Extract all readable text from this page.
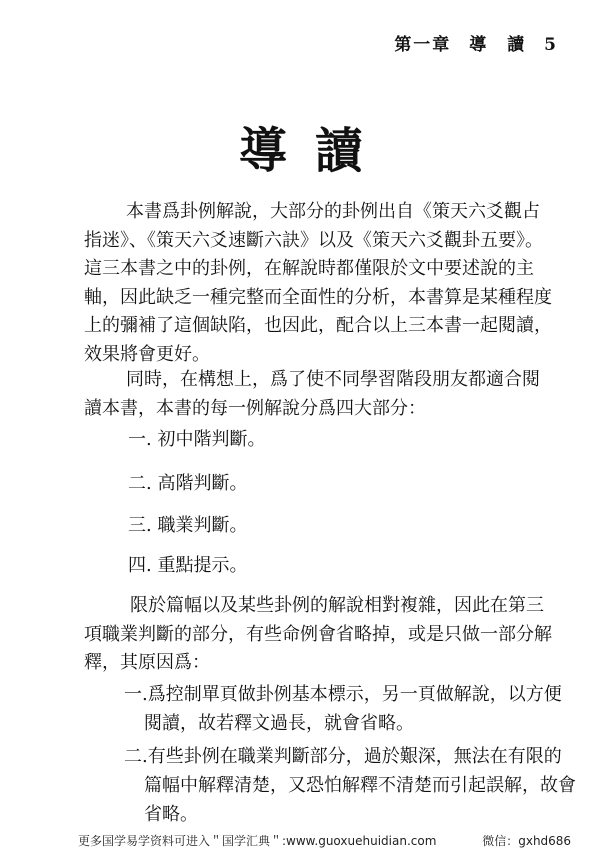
第一章 導　讀 5
導讀
本書爲卦例解說，大部分的卦例出自《策天六爻觀占指迷》、《策天六爻速斷六訣》以及《策天六爻觀卦五要》。這三本書之中的卦例，在解說時都僅限於文中要述說的主軸，因此缺乏一種完整而全面性的分析，本書算是某種程度上的彌補了這個缺陷，也因此，配合以上三本書一起閱讀，效果將會更好。
同時，在構想上，爲了使不同學習階段朋友都適合閱讀本書，本書的每一例解說分爲四大部分：
一. 初中階判斷。
二. 高階判斷。
三. 職業判斷。
四. 重點提示。
限於篇幅以及某些卦例的解說相對複雜，因此在第三項職業判斷的部分，有些命例會省略掉，或是只做一部分解釋，其原因爲：
一.爲控制單頁做卦例基本標示，另一頁做解說，以方便閱讀，故若釋文過長，就會省略。
二.有些卦例在職業判斷部分，過於艱深，無法在有限的篇幅中解釋清楚，又恐怕解釋不清楚而引起誤解，故會省略。
更多国学易学资料可进入＂国学汇典＂:www.guoxuehuidian.com	微信：gxhd686
